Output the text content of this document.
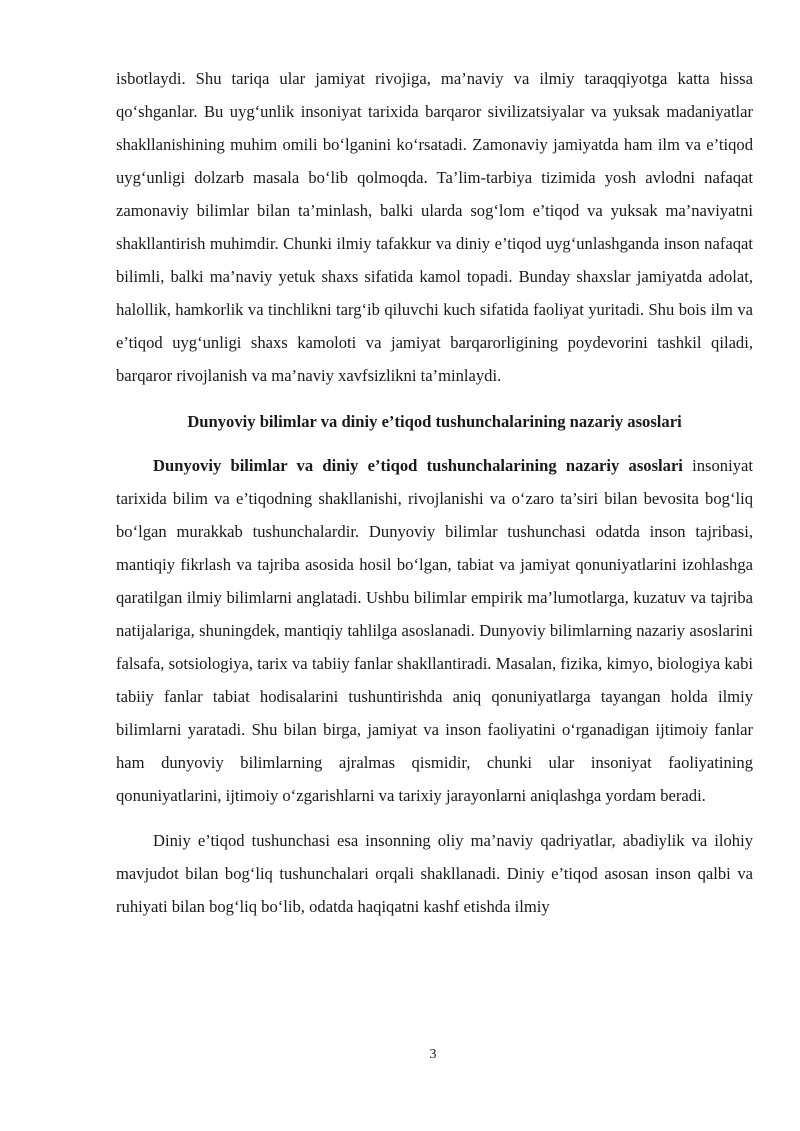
isbotlaydi. Shu tariqa ular jamiyat rivojiga, ma’naviy va ilmiy taraqqiyotga katta hissa qo‘shganlar. Bu uyg‘unlik insoniyat tarixida barqaror sivilizatsiyalar va yuksak madaniyatlar shakllanishining muhim omili bo‘lganini ko‘rsatadi. Zamonaviy jamiyatda ham ilm va e’tiqod uyg‘unligi dolzarb masala bo‘lib qolmoqda. Ta’lim-tarbiya tizimida yosh avlodni nafaqat zamonaviy bilimlar bilan ta’minlash, balki ularda sog‘lom e’tiqod va yuksak ma’naviyatni shakllantirish muhimdir. Chunki ilmiy tafakkur va diniy e’tiqod uyg‘unlashganda inson nafaqat bilimli, balki ma’naviy yetuk shaxs sifatida kamol topadi. Bunday shaxslar jamiyatda adolat, halollik, hamkorlik va tinchlikni targ‘ib qiluvchi kuch sifatida faoliyat yuritadi. Shu bois ilm va e’tiqod uyg‘unligi shaxs kamoloti va jamiyat barqarorligining poydevorini tashkil qiladi, barqaror rivojlanish va ma’naviy xavfsizlikni ta’minlaydi.

Dunyoviy bilimlar va diniy e’tiqod tushunchalarining nazariy asoslari

Dunyoviy bilimlar va diniy e’tiqod tushunchalarining nazariy asoslari insoniyat tarixida bilim va e’tiqodning shakllanishi, rivojlanishi va o‘zaro ta’siri bilan bevosita bog‘liq bo‘lgan murakkab tushunchalardir. Dunyoviy bilimlar tushunchasi odatda inson tajribasi, mantiqiy fikrlash va tajriba asosida hosil bo‘lgan, tabiat va jamiyat qonuniyatlarini izohlashga qaratilgan ilmiy bilimlarni anglatadi. Ushbu bilimlar empirik ma’lumotlarga, kuzatuv va tajriba natijalariga, shuningdek, mantiqiy tahlilga asoslanadi. Dunyoviy bilimlarning nazariy asoslarini falsafa, sotsiologiya, tarix va tabiiy fanlar shakllantiradi. Masalan, fizika, kimyo, biologiya kabi tabiiy fanlar tabiat hodisalarini tushuntirishda aniq qonuniyatlarga tayangan holda ilmiy bilimlarni yaratadi. Shu bilan birga, jamiyat va inson faoliyatini o‘rganadigan ijtimoiy fanlar ham dunyoviy bilimlarning ajralmas qismidir, chunki ular insoniyat faoliyatining qonuniyatlarini, ijtimoiy o‘zgarishlarni va tarixiy jarayonlarni aniqlashga yordam beradi.

Diniy e’tiqod tushunchasi esa insonning oliy ma’naviy qadriyatlar, abadiylik va ilohiy mavjudot bilan bog‘liq tushunchalari orqali shakllanadi. Diniy e’tiqod asosan inson qalbi va ruhiyati bilan bog‘liq bo‘lib, odatda haqiqatni kashf etishda ilmiy

3
